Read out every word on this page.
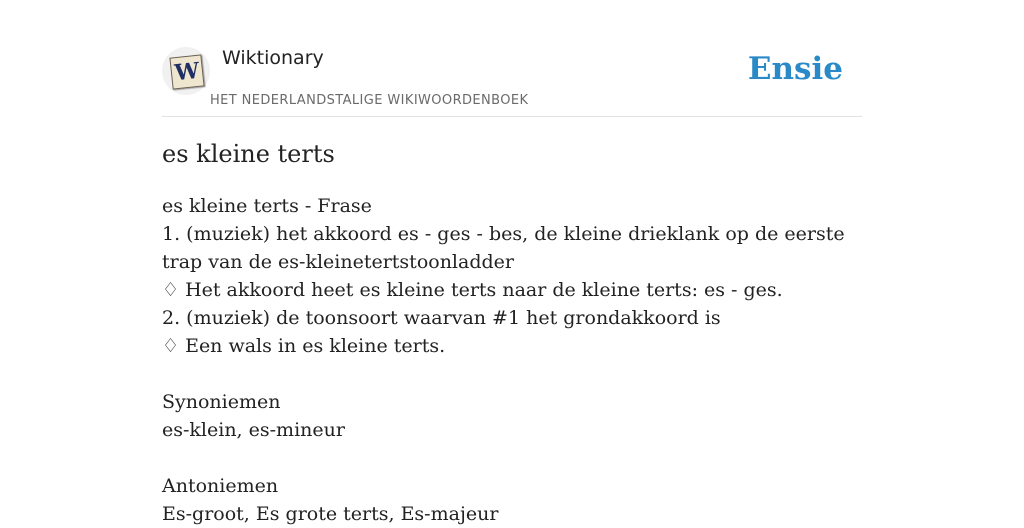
W Wiktionary
HET NEDERLANDSTALIGE WIKIWOORDENBOEK
Ensie
es kleine terts
es kleine terts - Frase
1. (muziek) het akkoord es - ges - bes, de kleine drieklank op de eerste trap van de es-kleinetertstoonladder
♢ Het akkoord heet es kleine terts naar de kleine terts: es - ges.
2. (muziek) de toonsoort waarvan #1 het grondakkoord is
♢ Een wals in es kleine terts.
Synoniemen
es-klein, es-mineur
Antoniemen
Es-groot, Es grote terts, Es-majeur
